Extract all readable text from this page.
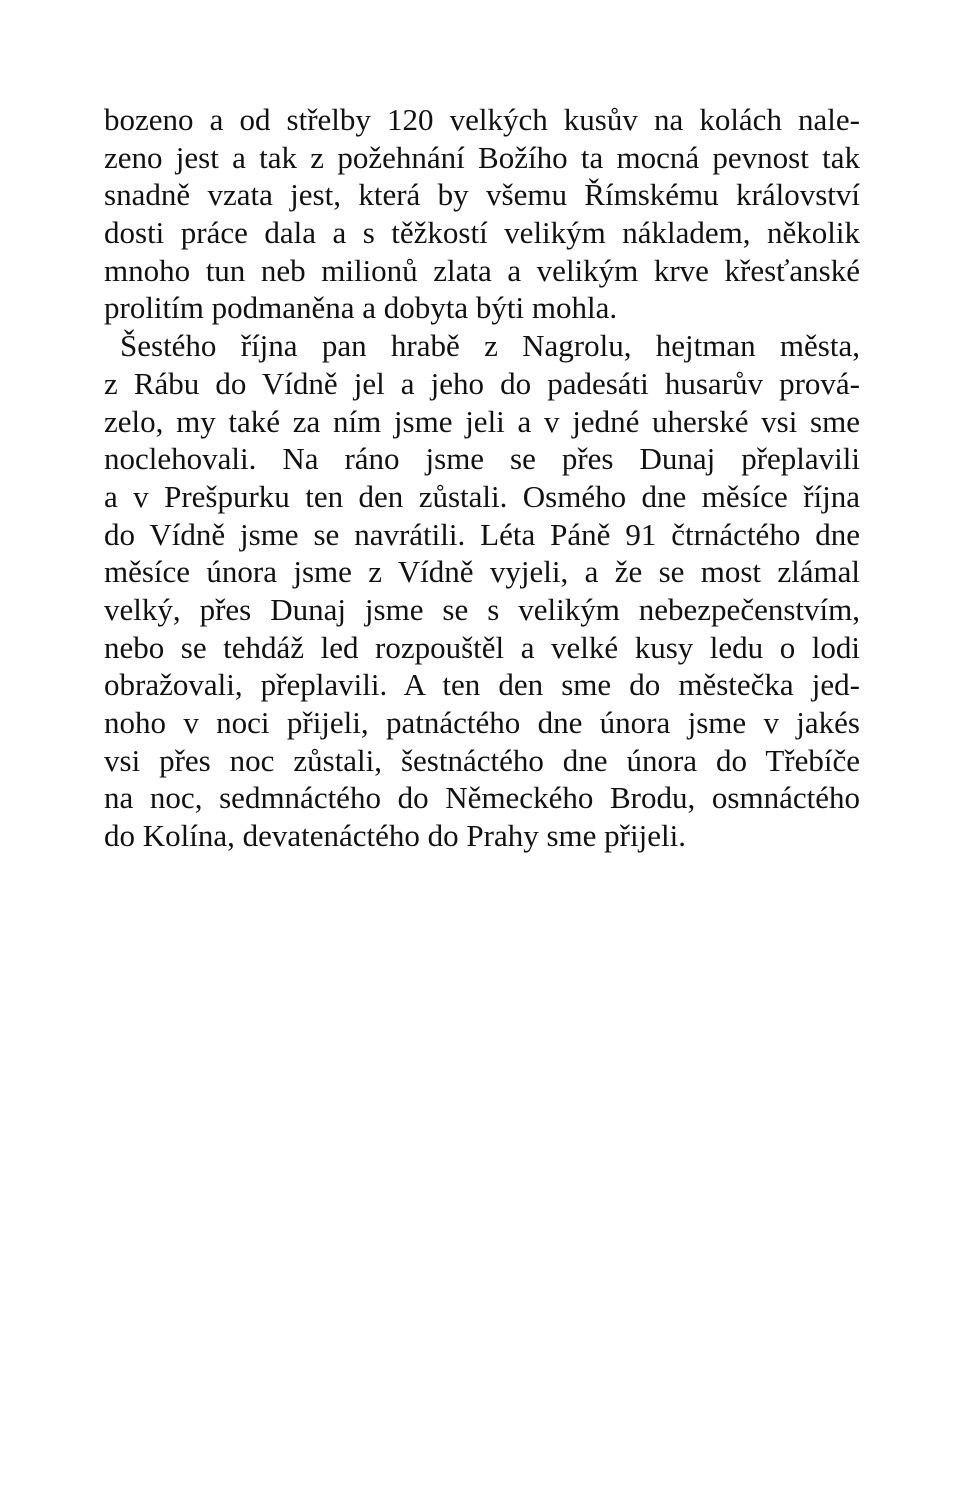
bozeno a od střelby 120 velkých kusův na kolách nale-
zeno jest a tak z požehnání Božího ta mocná pevnost tak
snadně vzata jest, která by všemu Římskému království
dosti práce dala a s těžkostí velikým nákladem, několik
mnoho tun neb milionů zlata a velikým krve křesťanské
prolitím podmaněna a dobyta býti mohla.
Šestého října pan hrabě z Nagrolu, hejtman města,
z Rábu do Vídně jel a jeho do padesáti husarův prová-
zelo, my také za ním jsme jeli a v jedné uherské vsi sme
noclehovali. Na ráno jsme se přes Dunaj přeplavili
a v Prešpurku ten den zůstali. Osmého dne měsíce října
do Vídně jsme se navrátili. Léta Páně 91 čtrnáctého dne
měsíce února jsme z Vídně vyjeli, a že se most zlámal
velký, přes Dunaj jsme se s velikým nebezpečenstvím,
nebo se tehdáž led rozpouštěl a velké kusy ledu o lodi
obražovali, přeplavili. A ten den sme do městečka jed-
noho v noci přijeli, patnáctého dne února jsme v jakés
vsi přes noc zůstali, šestnáctého dne února do Třebíče
na noc, sedmnáctého do Německého Brodu, osmnáctého
do Kolína, devatenáctého do Prahy sme přijeli.
